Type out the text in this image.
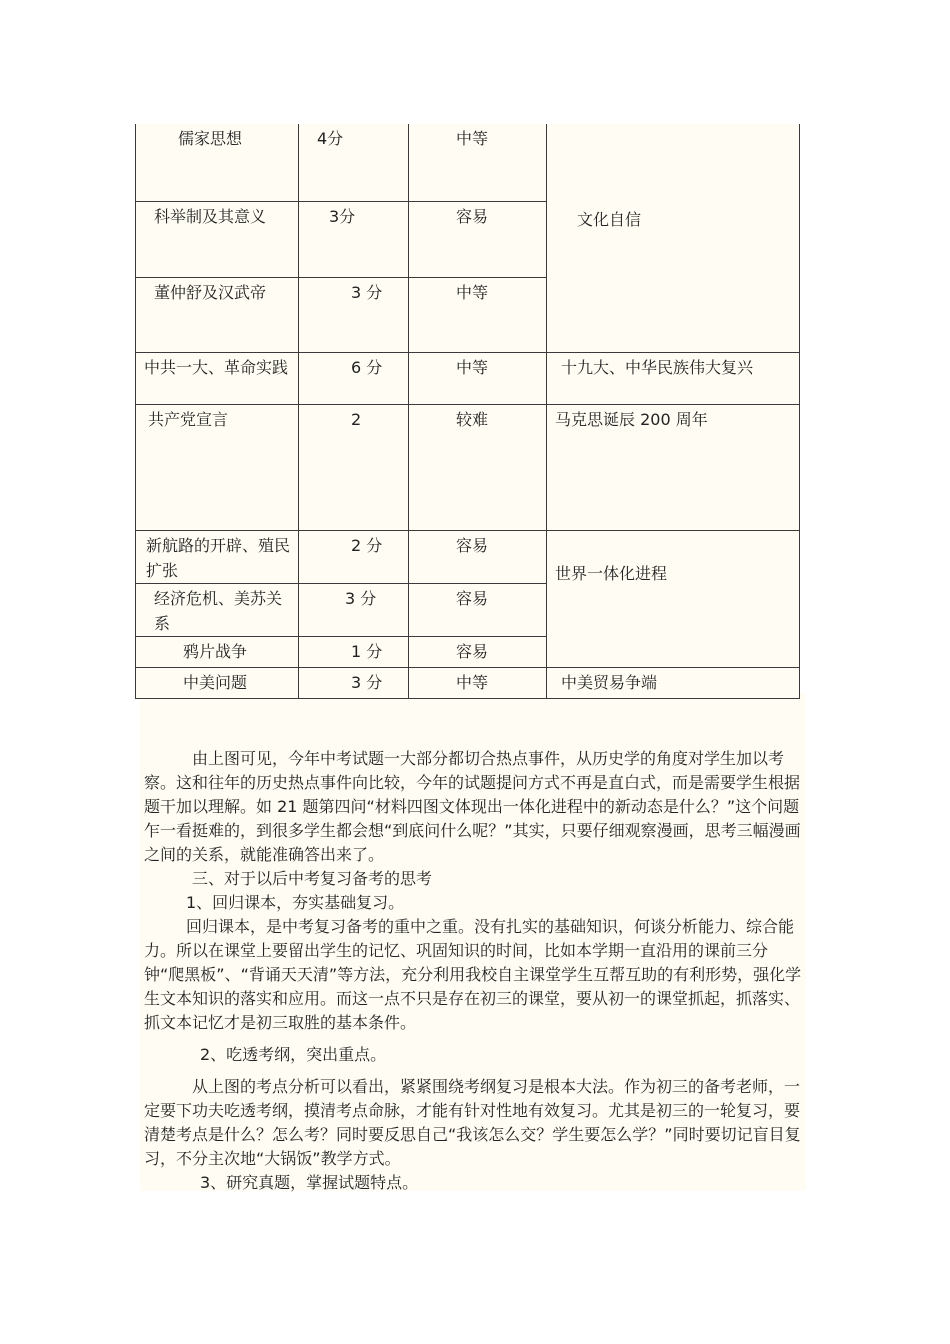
儒家思想	4分	中等	文化自信
科举制及其意义	3分	容易	
董仲舒及汉武帝	3 分	中等	
中共一大、革命实践	6 分	中等	十九大、中华民族伟大复兴
共产党宣言	2	较难	马克思诞辰 200 周年
新航路的开辟、殖民扩张	2 分	容易	世界一体化进程
经济危机、美苏关系	3 分	容易	
鸦片战争	1 分	容易	
中美问题	3 分	中等	中美贸易争端

由上图可见，今年中考试题一大部分都切合热点事件，从历史学的角度对学生加以考察。这和往年的历史热点事件向比较，今年的试题提问方式不再是直白式，而是需要学生根据题干加以理解。如 21 题第四问“材料四图文体现出一体化进程中的新动态是什么？”这个问题乍一看挺难的，到很多学生都会想“到底问什么呢？”其实，只要仔细观察漫画，思考三幅漫画之间的关系，就能准确答出来了。

三、对于以后中考复习备考的思考

1、回归课本，夯实基础复习。

回归课本，是中考复习备考的重中之重。没有扎实的基础知识，何谈分析能力、综合能力。所以在课堂上要留出学生的记忆、巩固知识的时间，比如本学期一直沿用的课前三分钟“爬黑板”、“背诵天天清”等方法，充分利用我校自主课堂学生互帮互助的有利形势，强化学生文本知识的落实和应用。而这一点不只是存在初三的课堂，要从初一的课堂抓起，抓落实、抓文本记忆才是初三取胜的基本条件。

2、吃透考纲，突出重点。

从上图的考点分析可以看出，紧紧围绕考纲复习是根本大法。作为初三的备考老师，一定要下功夫吃透考纲，摸清考点命脉，才能有针对性地有效复习。尤其是初三的一轮复习，要清楚考点是什么？怎么考？同时要反思自己“我该怎么交？学生要怎么学？”同时要切记盲目复习，不分主次地“大锅饭”教学方式。

3、研究真题，掌握试题特点。
